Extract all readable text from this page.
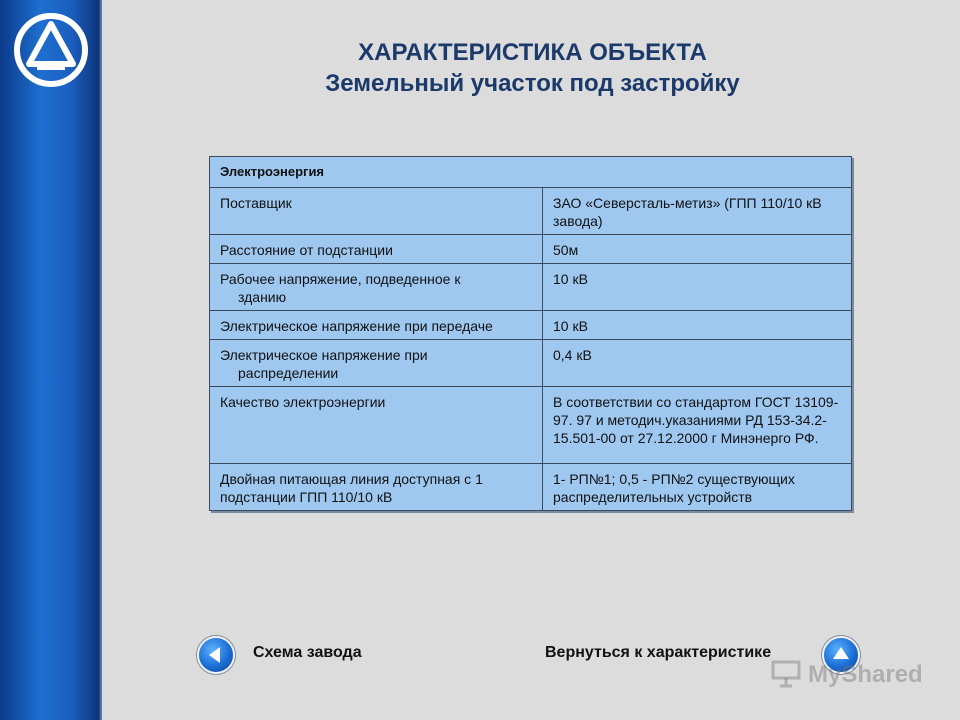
ХАРАКТЕРИСТИКА ОБЪЕКТА
Земельный участок под застройку
Электроэнергия	
Поставщик	ЗАО «Северсталь-метиз» (ГПП 110/10 кВ завода)
Расстояние от подстанции	50м
Рабочее напряжение, подведенное к
зданию	10 кВ
Электрическое напряжение при передаче	10 кВ
Электрическое напряжение при
распределении	0,4 кВ
Качество электроэнергии	В соответствии со стандартом ГОСТ 13109-97. 97 и методич.указаниями РД 153-34.2-15.501-00 от 27.12.2000 г Минэнерго РФ.
Двойная питающая линия доступная с 1 подстанции ГПП 110/10 кВ	1- РП№1; 0,5 - РП№2 существующих распределительных устройств
Схема завода	Вернуться к характеристике
MyShared
